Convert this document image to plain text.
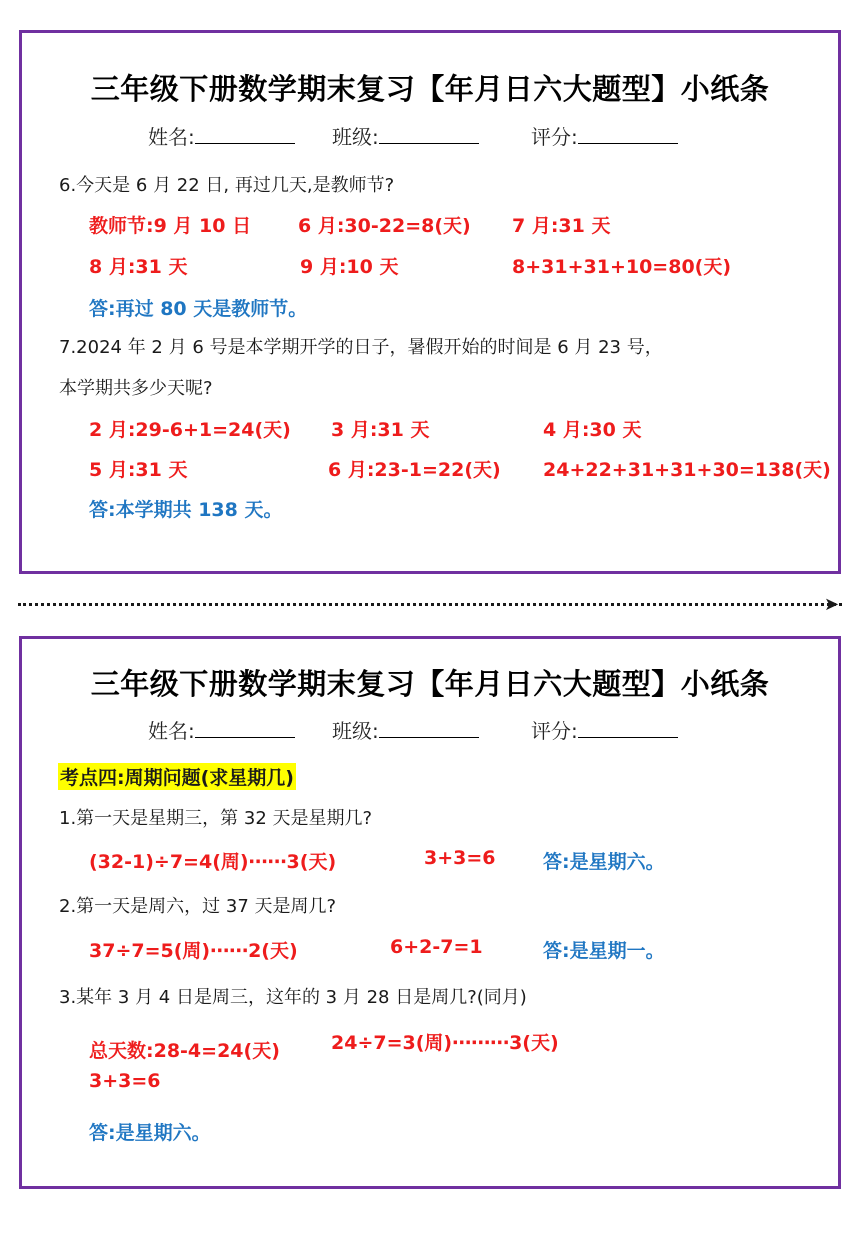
三年级下册数学期末复习【年月日六大题型】小纸条
姓名:	班级:	评分:
6.今天是 6 月 22 日, 再过几天,是教师节?
教师节:9 月 10 日 6 月:30-22=8(天) 7 月:31 天
8 月:31 天	9 月:10 天	8+31+31+10=80(天)
答:再过 80 天是教师节。
7.2024 年 2 月 6 号是本学期开学的日子，暑假开始的时间是 6 月 23 号，
本学期共多少天呢?
2 月:29-6+1=24(天) 3 月:31 天	4 月:30 天
5 月:31 天	6 月:23-1=22(天) 24+22+31+31+30=138(天)
答:本学期共 138 天。
➤
三年级下册数学期末复习【年月日六大题型】小纸条
姓名:	班级:	评分:
考点四:周期问题(求星期几)
1.第一天是星期三，第 32 天是星期几?
(32-1)÷7=4(周)⋯⋯3(天)	3+3=6 答:是星期六。
2.第一天是周六，过 37 天是周几?
37÷7=5(周)⋯⋯2(天)	6+2-7=1	答:是星期一。
3.某年 3 月 4 日是周三，这年的 3 月 28 日是周几?(同月)
总天数:28-4=24(天)	24÷7=3(周)⋯⋯⋯3(天)
3+3=6
答:是星期六。
